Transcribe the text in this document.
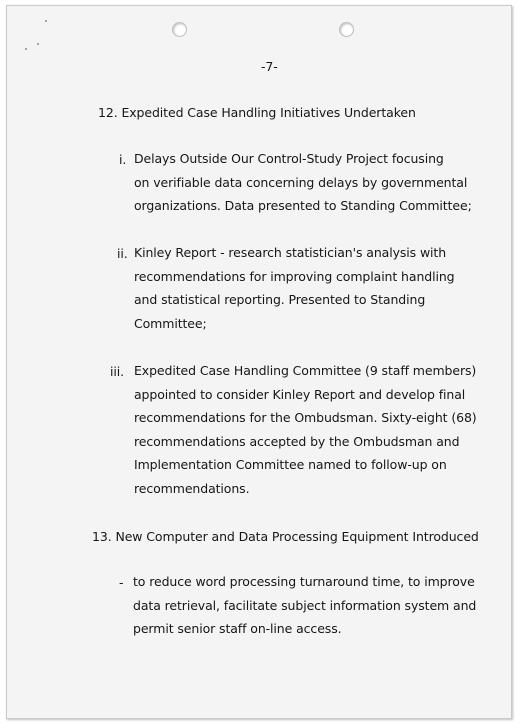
-7-
12. Expedited Case Handling Initiatives Undertaken
i. Delays Outside Our Control-Study Project focusing
on verifiable data concerning delays by governmental
organizations. Data presented to Standing Committee;
ii. Kinley Report - research statistician's analysis with
recommendations for improving complaint handling
and statistical reporting. Presented to Standing
Committee;
iii. Expedited Case Handling Committee (9 staff members)
appointed to consider Kinley Report and develop final
recommendations for the Ombudsman. Sixty-eight (68)
recommendations accepted by the Ombudsman and
Implementation Committee named to follow-up on
recommendations.
13. New Computer and Data Processing Equipment Introduced
- to reduce word processing turnaround time, to improve
data retrieval, facilitate subject information system and
permit senior staff on-line access.
